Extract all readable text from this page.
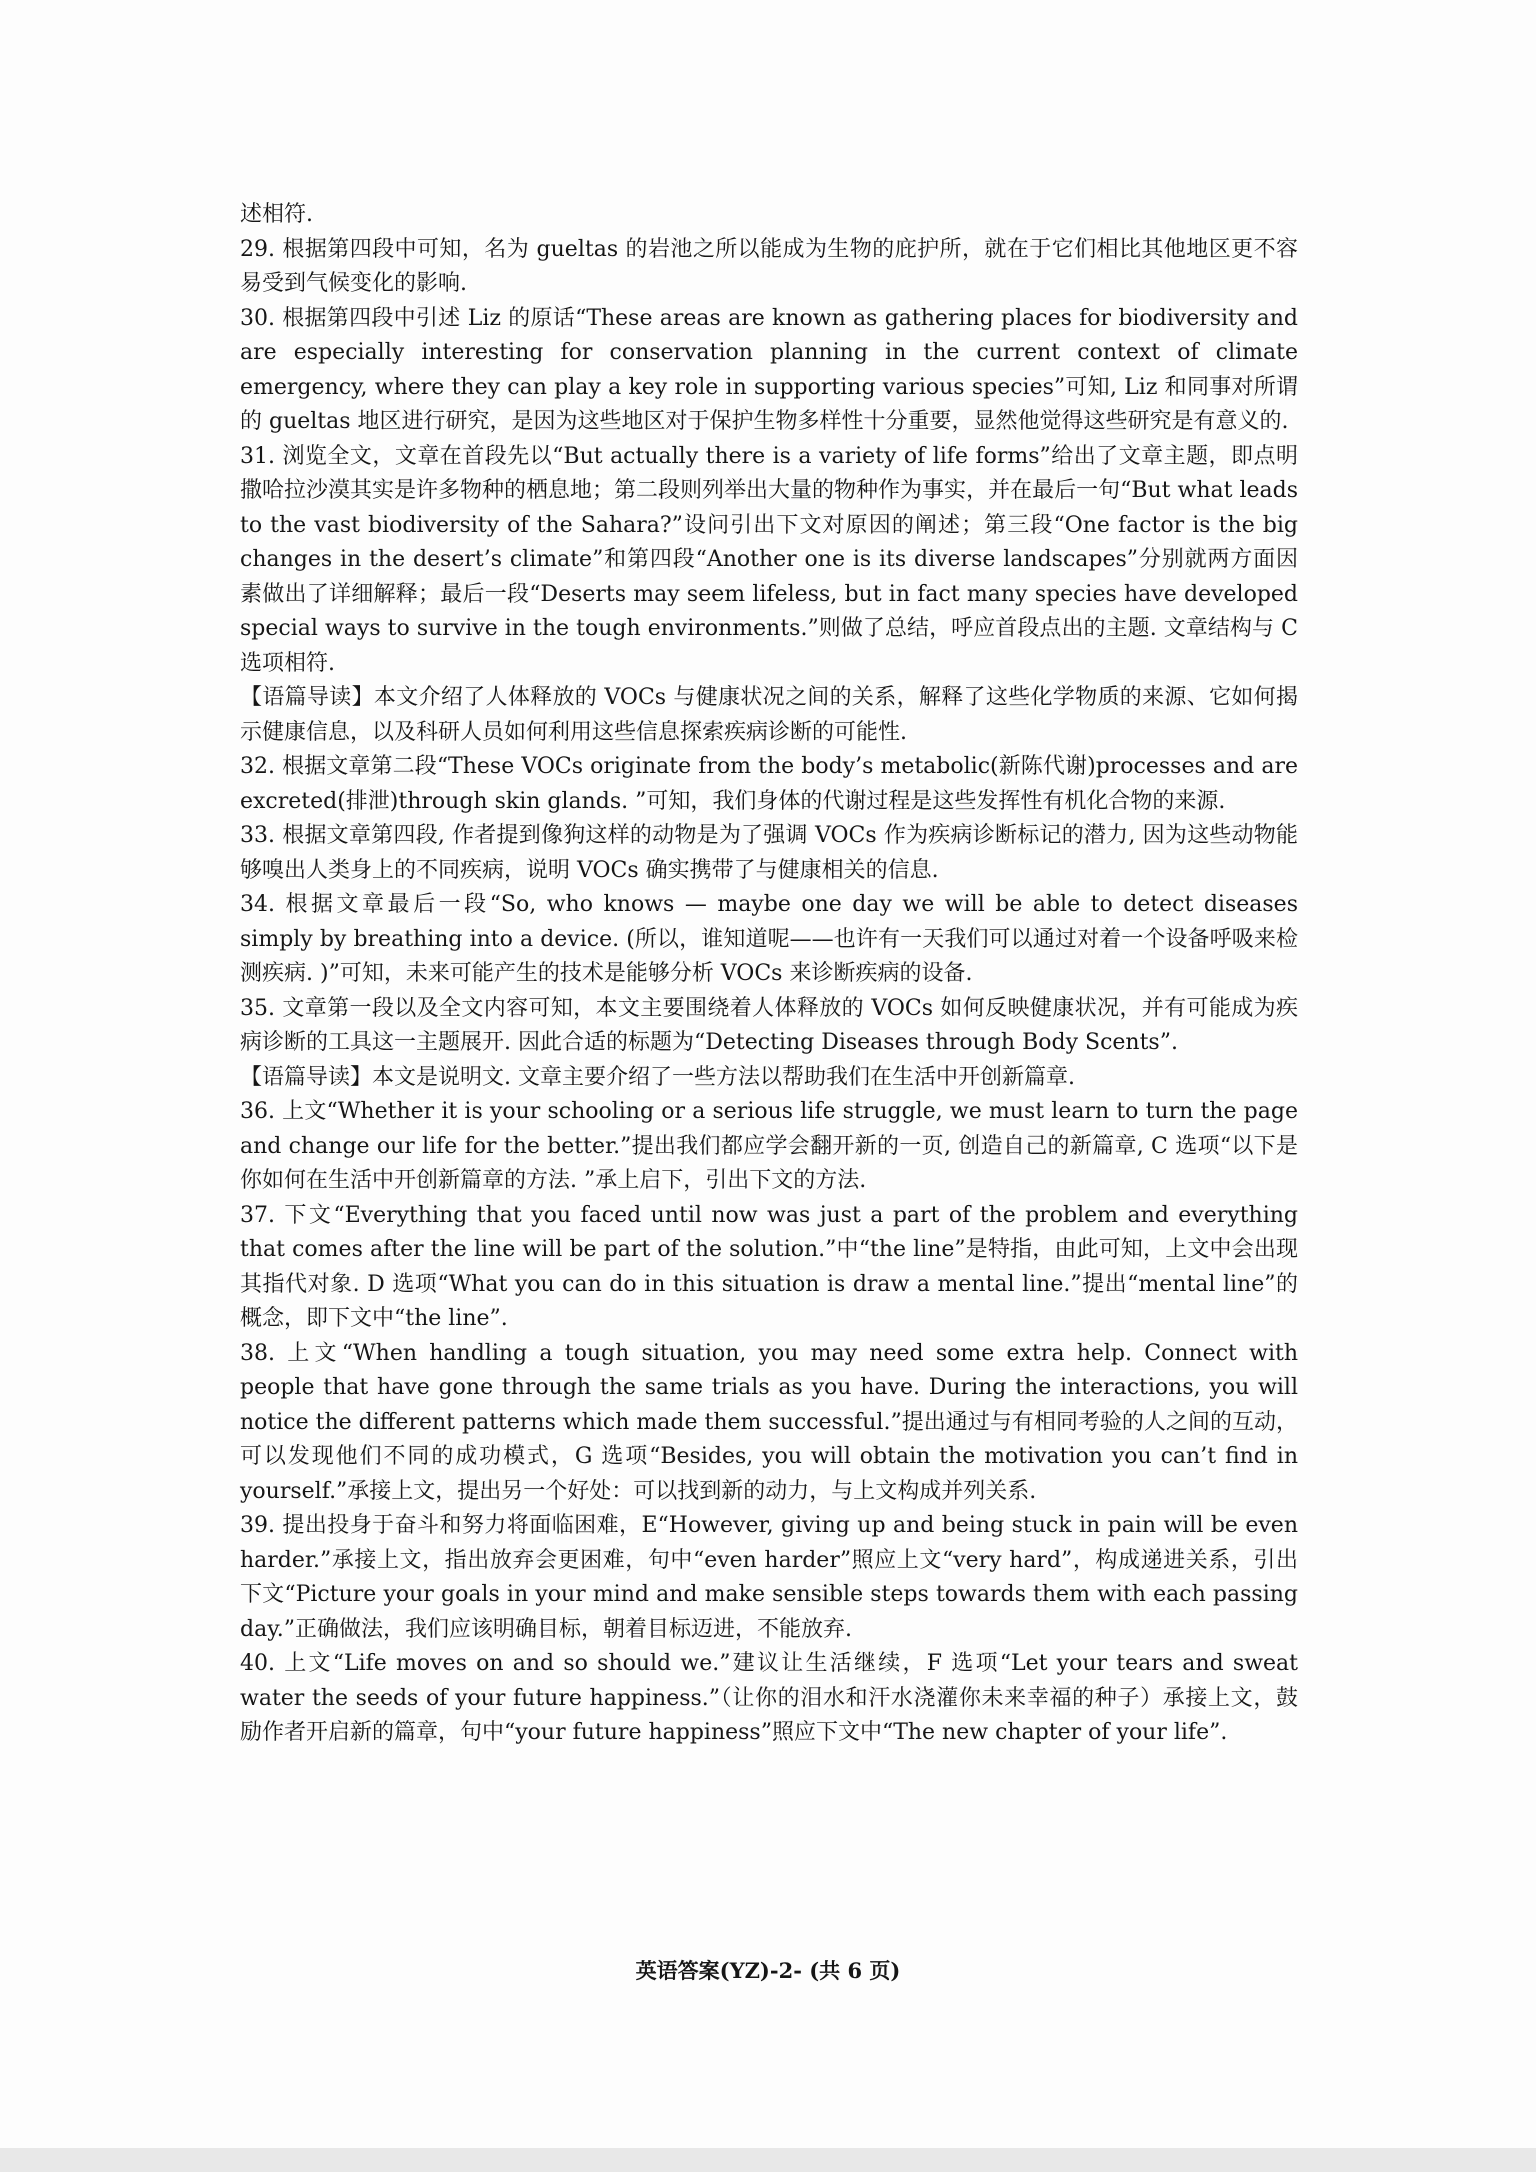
述相符.

29. 根据第四段中可知，名为 gueltas 的岩池之所以能成为生物的庇护所，就在于它们相比其他地区更不容易受到气候变化的影响.

30. 根据第四段中引述 Liz 的原话“These areas are known as gathering places for biodiversity and are especially interesting for conservation planning in the current context of climate emergency, where they can play a key role in supporting various species”可知, Liz 和同事对所谓的 gueltas 地区进行研究，是因为这些地区对于保护生物多样性十分重要，显然他觉得这些研究是有意义的.

31. 浏览全文，文章在首段先以“But actually there is a variety of life forms”给出了文章主题，即点明撒哈拉沙漠其实是许多物种的栖息地；第二段则列举出大量的物种作为事实，并在最后一句“But what leads to the vast biodiversity of the Sahara?”设问引出下文对原因的阐述；第三段“One factor is the big changes in the desert’s climate”和第四段“Another one is its diverse landscapes”分别就两方面因素做出了详细解释；最后一段“Deserts may seem lifeless, but in fact many species have developed special ways to survive in the tough environments.”则做了总结，呼应首段点出的主题. 文章结构与 C 选项相符.

【语篇导读】本文介绍了人体释放的 VOCs 与健康状况之间的关系，解释了这些化学物质的来源、它如何揭示健康信息，以及科研人员如何利用这些信息探索疾病诊断的可能性.

32. 根据文章第二段“These VOCs originate from the body’s metabolic(新陈代谢)processes and are excreted(排泄)through skin glands. ”可知，我们身体的代谢过程是这些发挥性有机化合物的来源.

33. 根据文章第四段, 作者提到像狗这样的动物是为了强调 VOCs 作为疾病诊断标记的潜力, 因为这些动物能够嗅出人类身上的不同疾病，说明 VOCs 确实携带了与健康相关的信息.

34. 根据文章最后一段“So, who knows — maybe one day we will be able to detect diseases simply by breathing into a device. (所以，谁知道呢——也许有一天我们可以通过对着一个设备呼吸来检测疾病. )”可知，未来可能产生的技术是能够分析 VOCs 来诊断疾病的设备.

35. 文章第一段以及全文内容可知，本文主要围绕着人体释放的 VOCs 如何反映健康状况，并有可能成为疾病诊断的工具这一主题展开. 因此合适的标题为“Detecting Diseases through Body Scents”.

【语篇导读】本文是说明文. 文章主要介绍了一些方法以帮助我们在生活中开创新篇章.

36. 上文“Whether it is your schooling or a serious life struggle, we must learn to turn the page and change our life for the better.”提出我们都应学会翻开新的一页, 创造自己的新篇章, C 选项“以下是你如何在生活中开创新篇章的方法. ”承上启下，引出下文的方法.

37. 下文“Everything that you faced until now was just a part of the problem and everything that comes after the line will be part of the solution.”中“the line”是特指，由此可知，上文中会出现其指代对象. D 选项“What you can do in this situation is draw a mental line.”提出“mental line”的概念，即下文中“the line”.

38. 上文“When handling a tough situation, you may need some extra help. Connect with people that have gone through the same trials as you have. During the interactions, you will notice the different patterns which made them successful.”提出通过与有相同考验的人之间的互动，可以发现他们不同的成功模式，G 选项“Besides, you will obtain the motivation you can’t find in yourself.”承接上文，提出另一个好处：可以找到新的动力，与上文构成并列关系.

39. 提出投身于奋斗和努力将面临困难，E“However, giving up and being stuck in pain will be even harder.”承接上文，指出放弃会更困难，句中“even harder”照应上文“very hard”，构成递进关系，引出下文“Picture your goals in your mind and make sensible steps towards them with each passing day.”正确做法，我们应该明确目标，朝着目标迈进，不能放弃.

40. 上文“Life moves on and so should we.”建议让生活继续，F 选项“Let your tears and sweat water the seeds of your future happiness.”（让你的泪水和汗水浇灌你未来幸福的种子）承接上文，鼓励作者开启新的篇章，句中“your future happiness”照应下文中“The new chapter of your life”.

英语答案(YZ)-2- (共 6 页)
